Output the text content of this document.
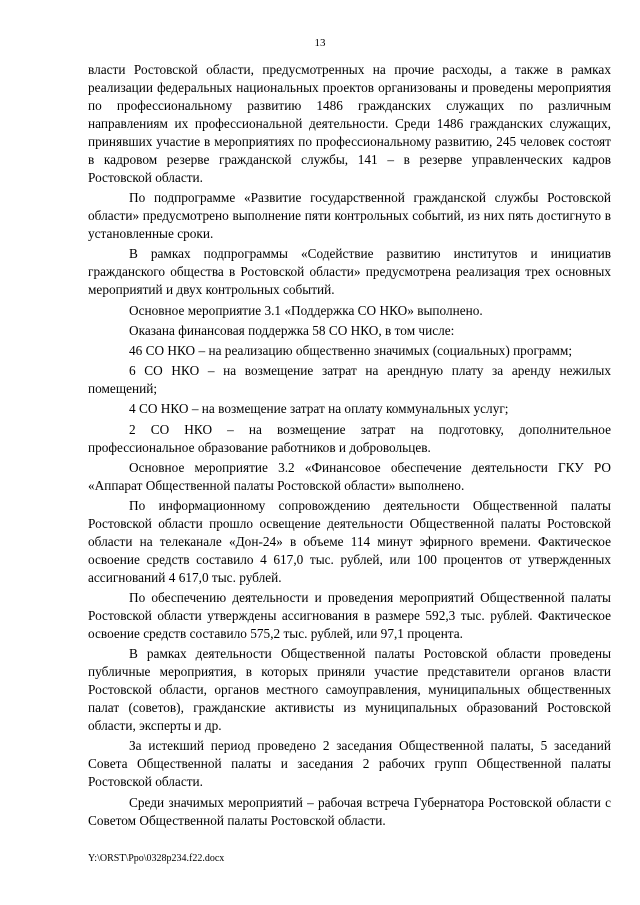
13

власти Ростовской области, предусмотренных на прочие расходы, а также в рамках реализации федеральных национальных проектов организованы и проведены мероприятия по профессиональному развитию 1486 гражданских служащих по различным направлениям их профессиональной деятельности. Среди 1486 гражданских служащих, принявших участие в мероприятиях по профессиональному развитию, 245 человек состоят в кадровом резерве гражданской службы, 141 – в резерве управленческих кадров Ростовской области.

По подпрограмме «Развитие государственной гражданской службы Ростовской области» предусмотрено выполнение пяти контрольных событий, из них пять достигнуто в установленные сроки.

В рамках подпрограммы «Содействие развитию институтов и инициатив гражданского общества в Ростовской области» предусмотрена реализация трех основных мероприятий и двух контрольных событий.

Основное мероприятие 3.1 «Поддержка СО НКО» выполнено.

Оказана финансовая поддержка 58 СО НКО, в том числе:

46 СО НКО – на реализацию общественно значимых (социальных) программ;

6 СО НКО – на возмещение затрат на арендную плату за аренду нежилых помещений;

4 СО НКО – на возмещение затрат на оплату коммунальных услуг;

2 СО НКО – на возмещение затрат на подготовку, дополнительное профессиональное образование работников и добровольцев.

Основное мероприятие 3.2 «Финансовое обеспечение деятельности ГКУ РО «Аппарат Общественной палаты Ростовской области» выполнено.

По информационному сопровождению деятельности Общественной палаты Ростовской области прошло освещение деятельности Общественной палаты Ростовской области на телеканале «Дон-24» в объеме 114 минут эфирного времени. Фактическое освоение средств составило 4 617,0 тыс. рублей, или 100 процентов от утвержденных ассигнований 4 617,0 тыс. рублей.

По обеспечению деятельности и проведения мероприятий Общественной палаты Ростовской области утверждены ассигнования в размере 592,3 тыс. рублей. Фактическое освоение средств составило 575,2 тыс. рублей, или 97,1 процента.

В рамках деятельности Общественной палаты Ростовской области проведены публичные мероприятия, в которых приняли участие представители органов власти Ростовской области, органов местного самоуправления, муниципальных общественных палат (советов), гражданские активисты из муниципальных образований Ростовской области, эксперты и др.

За истекший период проведено 2 заседания Общественной палаты, 5 заседаний Совета Общественной палаты и заседания 2 рабочих групп Общественной палаты Ростовской области.

Среди значимых мероприятий – рабочая встреча Губернатора Ростовской области с Советом Общественной палаты Ростовской области.

Y:\ORST\Ppo\0328p234.f22.docx
